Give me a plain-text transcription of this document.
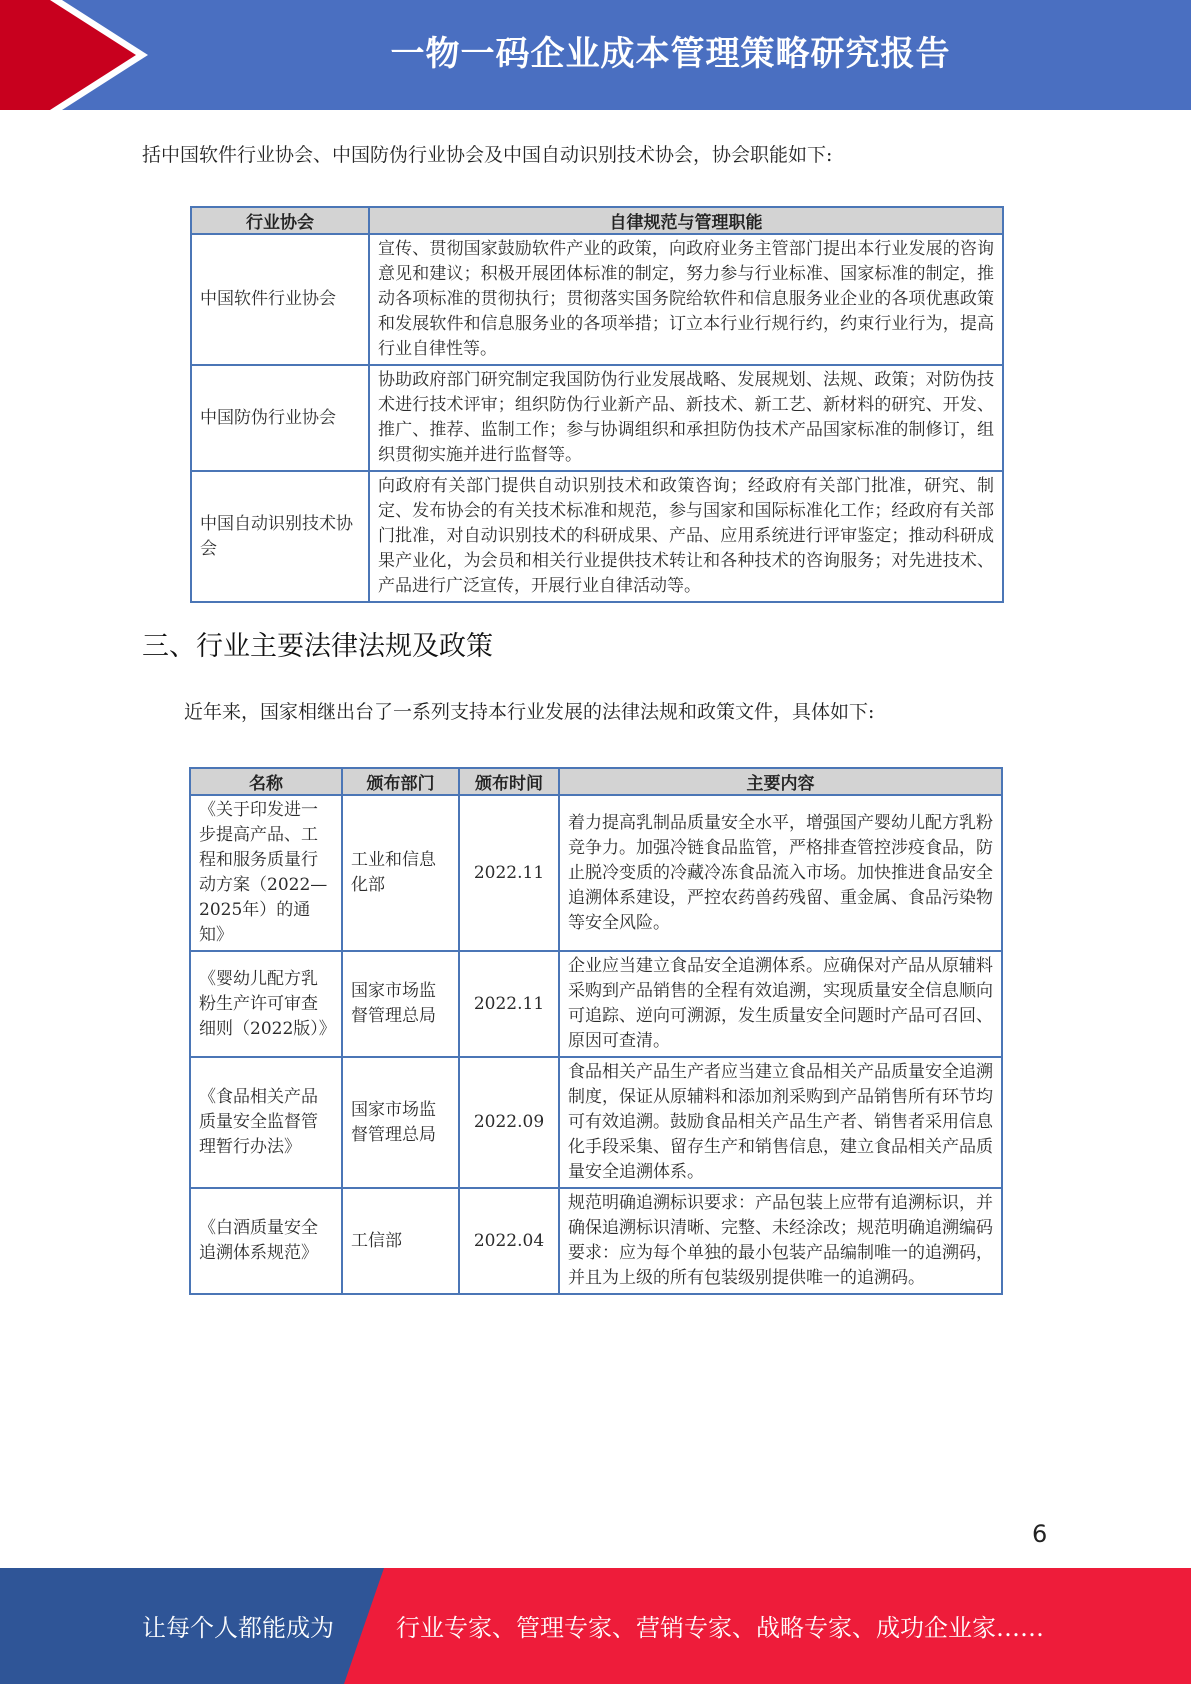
一物一码企业成本管理策略研究报告
括中国软件行业协会、中国防伪行业协会及中国自动识别技术协会，协会职能如下:
行业协会	自律规范与管理职能
中国软件行业协会	宣传、贯彻国家鼓励软件产业的政策，向政府业务主管部门提出本行业发展的咨询意见和建议；积极开展团体标准的制定，努力参与行业标准、国家标准的制定，推动各项标准的贯彻执行；贯彻落实国务院给软件和信息服务业企业的各项优惠政策和发展软件和信息服务业的各项举措；订立本行业行规行约，约束行业行为，提高行业自律性等。
中国防伪行业协会	协助政府部门研究制定我国防伪行业发展战略、发展规划、法规、政策；对防伪技术进行技术评审；组织防伪行业新产品、新技术、新工艺、新材料的研究、开发、推广、推荐、监制工作；参与协调组织和承担防伪技术产品国家标准的制修订，组织贯彻实施并进行监督等。
中国自动识别技术协会	向政府有关部门提供自动识别技术和政策咨询；经政府有关部门批准，研究、制定、发布协会的有关技术标准和规范，参与国家和国际标准化工作；经政府有关部门批准，对自动识别技术的科研成果、产品、应用系统进行评审鉴定；推动科研成果产业化，为会员和相关行业提供技术转让和各种技术的咨询服务；对先进技术、产品进行广泛宣传，开展行业自律活动等。
三、行业主要法律法规及政策
近年来，国家相继出台了一系列支持本行业发展的法律法规和政策文件，具体如下:
名称	颁布部门	颁布时间	主要内容
《关于印发进一步提高产品、工程和服务质量行动方案（2022—2025年）的通知》	工业和信息化部	2022.11	着力提高乳制品质量安全水平，增强国产婴幼儿配方乳粉竞争力。加强冷链食品监管，严格排查管控涉疫食品，防止脱冷变质的冷藏冷冻食品流入市场。加快推进食品安全追溯体系建设，严控农药兽药残留、重金属、食品污染物等安全风险。
《婴幼儿配方乳粉生产许可审查细则（2022版）》	国家市场监督管理总局	2022.11	企业应当建立食品安全追溯体系。应确保对产品从原辅料采购到产品销售的全程有效追溯，实现质量安全信息顺向可追踪、逆向可溯源，发生质量安全问题时产品可召回、原因可查清。
《食品相关产品质量安全监督管理暂行办法》	国家市场监督管理总局	2022.09	食品相关产品生产者应当建立食品相关产品质量安全追溯制度，保证从原辅料和添加剂采购到产品销售所有环节均可有效追溯。鼓励食品相关产品生产者、销售者采用信息化手段采集、留存生产和销售信息，建立食品相关产品质量安全追溯体系。
《白酒质量安全追溯体系规范》	工信部	2022.04	规范明确追溯标识要求：产品包装上应带有追溯标识，并确保追溯标识清晰、完整、未经涂改；规范明确追溯编码要求：应为每个单独的最小包装产品编制唯一的追溯码，并且为上级的所有包装级别提供唯一的追溯码。
6
让每个人都能成为	行业专家、管理专家、营销专家、战略专家、成功企业家……
